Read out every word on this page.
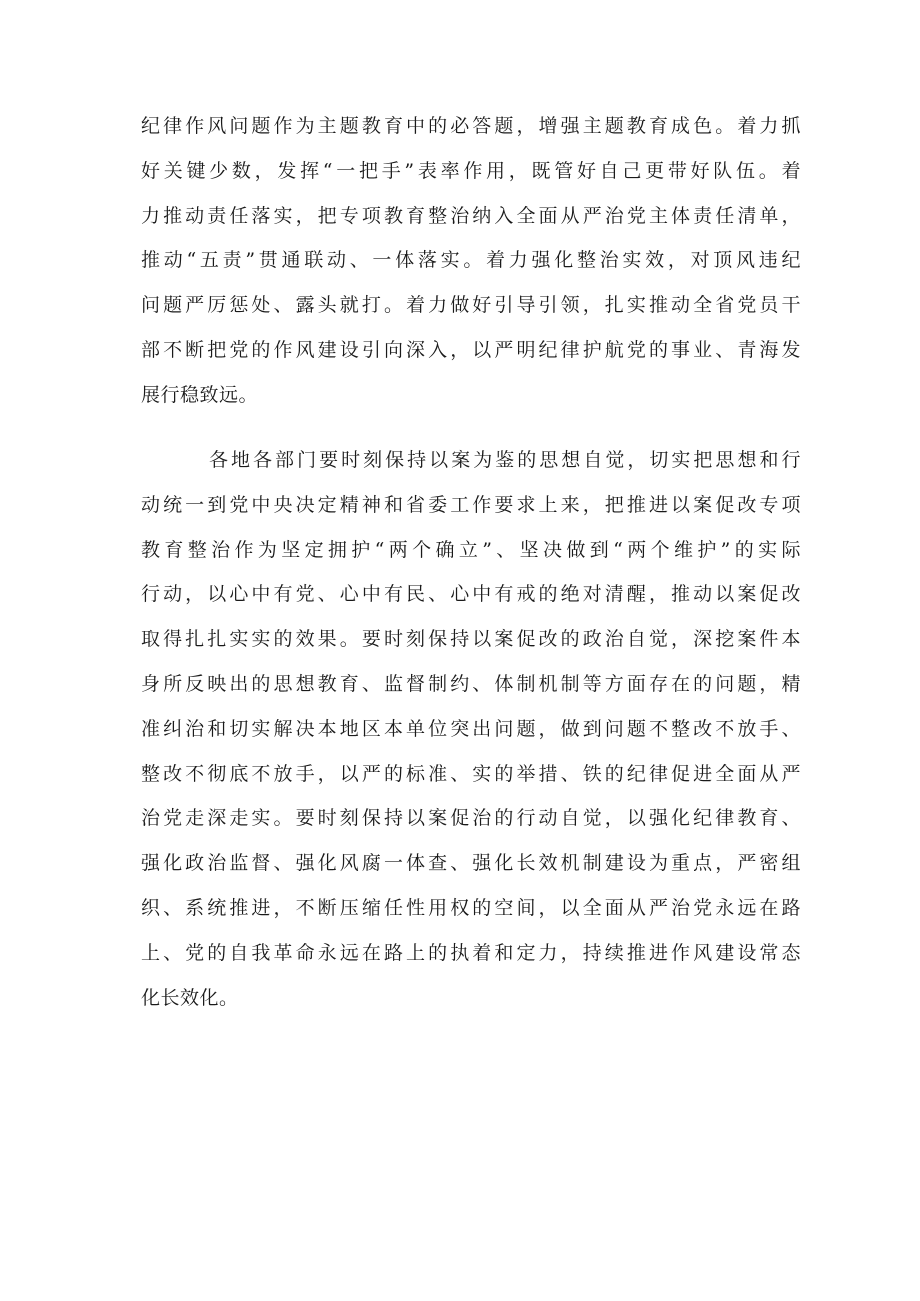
纪律作风问题作为主题教育中的必答题，增强主题教育成色。着力抓
好关键少数，发挥“一把手”表率作用，既管好自己更带好队伍。着
力推动责任落实，把专项教育整治纳入全面从严治党主体责任清单，
推动“五责”贯通联动、一体落实。着力强化整治实效，对顶风违纪
问题严厉惩处、露头就打。着力做好引导引领，扎实推动全省党员干
部不断把党的作风建设引向深入，以严明纪律护航党的事业、青海发
展行稳致远。
各地各部门要时刻保持以案为鉴的思想自觉，切实把思想和行
动统一到党中央决定精神和省委工作要求上来，把推进以案促改专项
教育整治作为坚定拥护“两个确立”、坚决做到“两个维护”的实际
行动，以心中有党、心中有民、心中有戒的绝对清醒，推动以案促改
取得扎扎实实的效果。要时刻保持以案促改的政治自觉，深挖案件本
身所反映出的思想教育、监督制约、体制机制等方面存在的问题，精
准纠治和切实解决本地区本单位突出问题，做到问题不整改不放手、
整改不彻底不放手，以严的标准、实的举措、铁的纪律促进全面从严
治党走深走实。要时刻保持以案促治的行动自觉，以强化纪律教育、
强化政治监督、强化风腐一体查、强化长效机制建设为重点，严密组
织、系统推进，不断压缩任性用权的空间，以全面从严治党永远在路
上、党的自我革命永远在路上的执着和定力，持续推进作风建设常态
化长效化。
